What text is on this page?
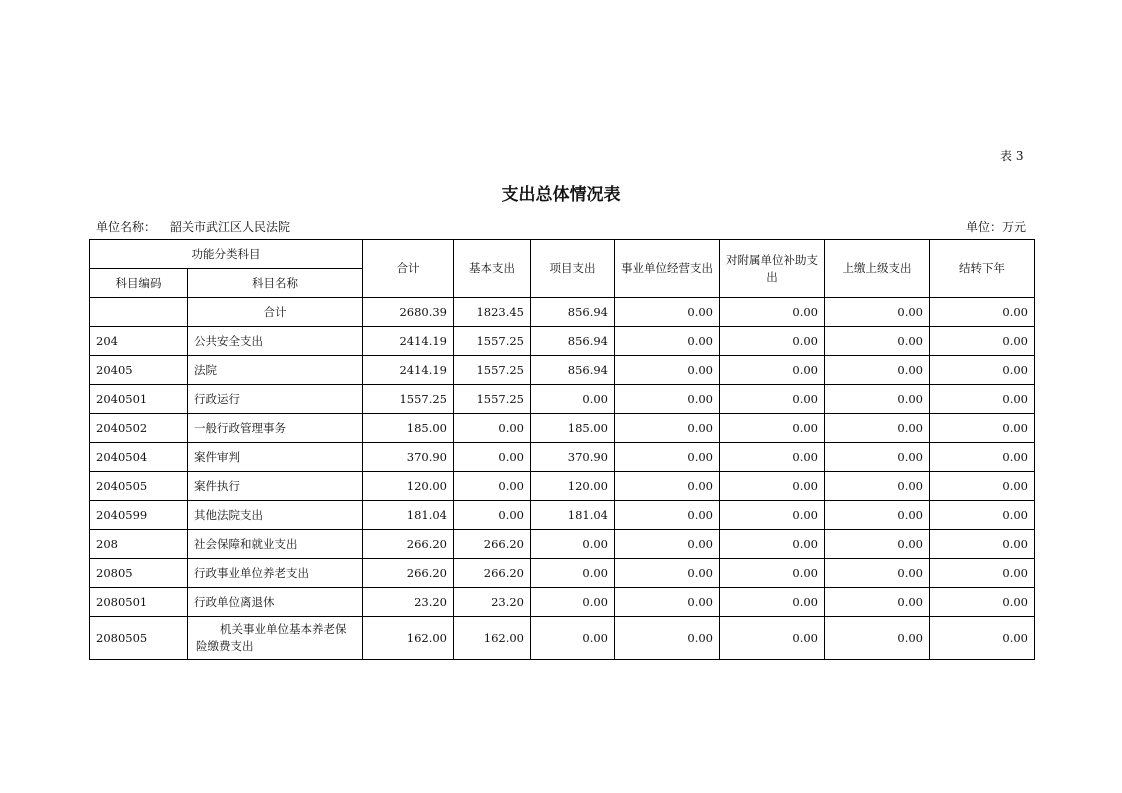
表 3
支出总体情况表
单位名称： 韶关市武江区人民法院	单位：万元
功能分类科目		合计	基本支出	项目支出	事业单位经营支出	对附属单位补助支出	上缴上级支出	结转下年
科目编码	科目名称							
	合计	2680.39	1823.45	856.94	0.00	0.00	0.00	0.00
204	公共安全支出	2414.19	1557.25	856.94	0.00	0.00	0.00	0.00
20405	法院	2414.19	1557.25	856.94	0.00	0.00	0.00	0.00
2040501	行政运行	1557.25	1557.25	0.00	0.00	0.00	0.00	0.00
2040502	一般行政管理事务	185.00	0.00	185.00	0.00	0.00	0.00	0.00
2040504	案件审判	370.90	0.00	370.90	0.00	0.00	0.00	0.00
2040505	案件执行	120.00	0.00	120.00	0.00	0.00	0.00	0.00
2040599	其他法院支出	181.04	0.00	181.04	0.00	0.00	0.00	0.00
208	社会保障和就业支出	266.20	266.20	0.00	0.00	0.00	0.00	0.00
20805	行政事业单位养老支出	266.20	266.20	0.00	0.00	0.00	0.00	0.00
2080501	行政单位离退休	23.20	23.20	0.00	0.00	0.00	0.00	0.00
2080505	机关事业单位基本养老保险缴费支出	162.00	162.00	0.00	0.00	0.00	0.00	0.00
